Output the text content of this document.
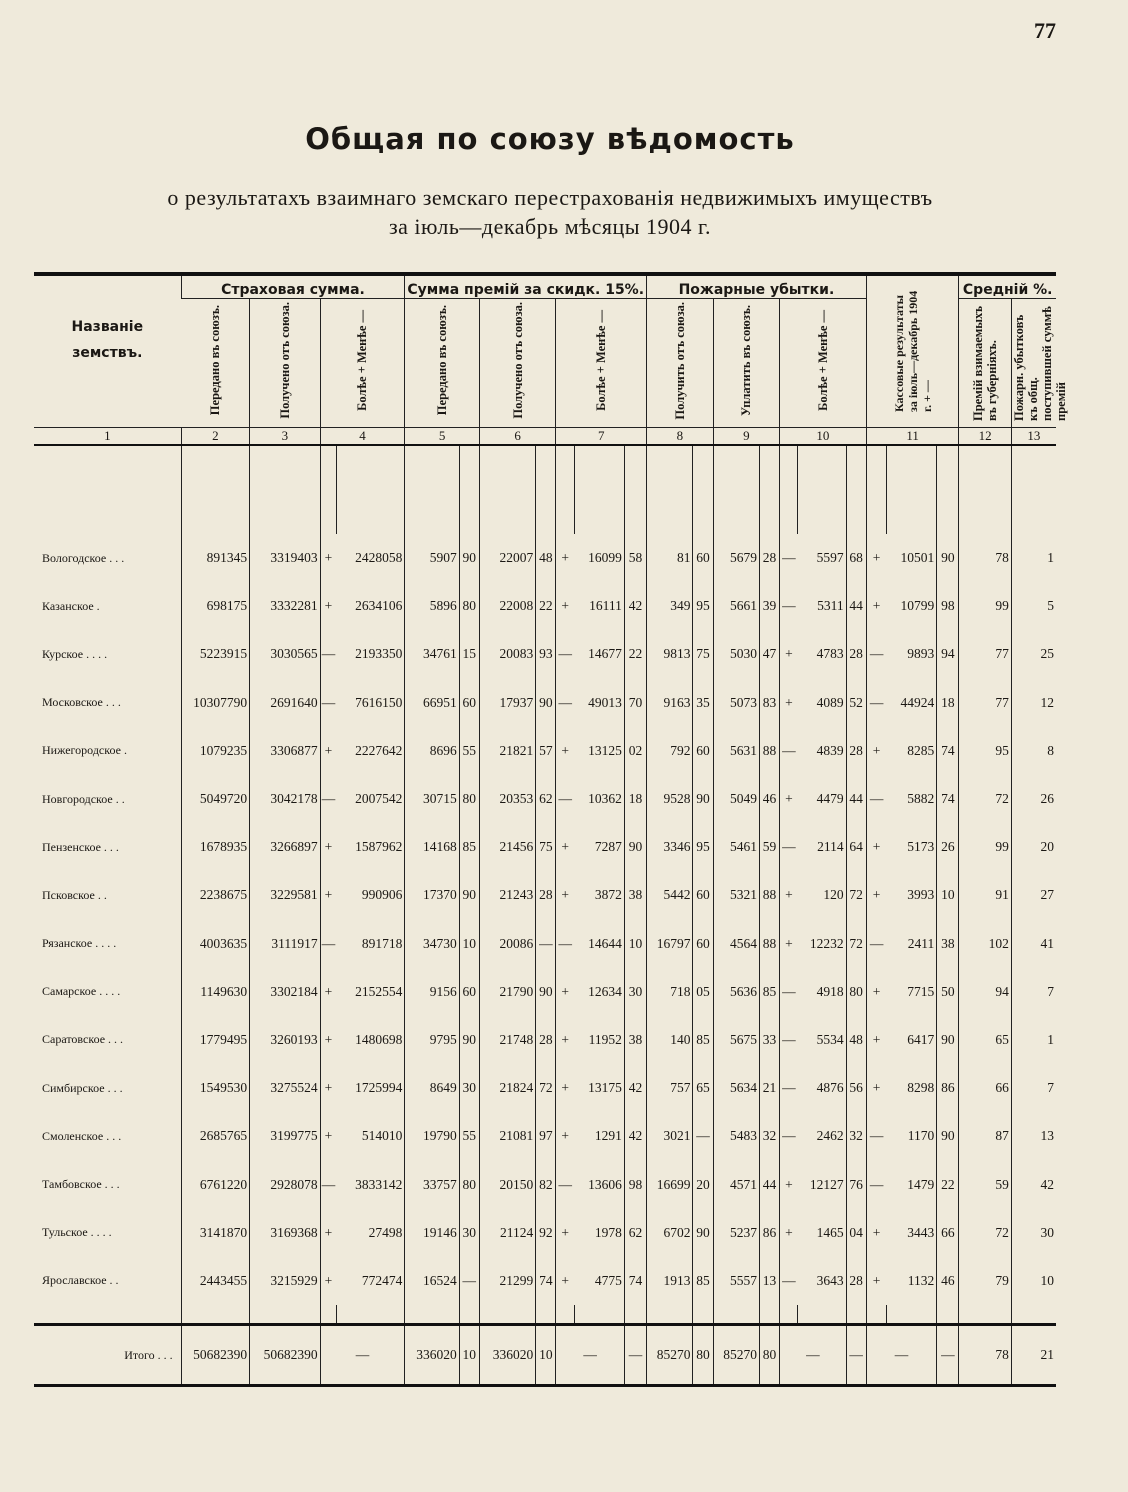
77
Общая по союзу вѣдомость
о результатахъ взаимнаго земскаго перестрахованія недвижимыхъ имуществъ
за іюль—декабрь мѣсяцы 1904 г.
Названіе земствъ.	Страховая сумма.				Сумма премій за скидк. 15%.							Пожарные убытки.							Кассовые результаты за іюль—декабрь 1904 г. + —			Средній %.	
	Передано въ союзъ.	Получено отъ союза.	Болѣе + Менѣе —		Передано въ союзъ.		Получено отъ союза.		Болѣе + Менѣе —			Получить отъ союза.		Уплатить въ союзъ.		Болѣе + Менѣе —						Премій взимаемыхъ въ губерніяхъ.	Пожарн. убытковъ къ общ. поступившей суммѣ премій
1	2	3	4		5		6		7			8		9		10			11			12	13

Вологодское . . .	891345	3319403	+	2428058	5907	90	22007	48	+	16099	58	81	60	5679	28	—	5597	68	+	10501	90	78	1
Казанское .	698175	3332281	+	2634106	5896	80	22008	22	+	16111	42	349	95	5661	39	—	5311	44	+	10799	98	99	5
Курское . . . .	5223915	3030565	—	2193350	34761	15	20083	93	—	14677	22	9813	75	5030	47	+	4783	28	—	9893	94	77	25
Московское . . .	10307790	2691640	—	7616150	66951	60	17937	90	—	49013	70	9163	35	5073	83	+	4089	52	—	44924	18	77	12
Нижегородское .	1079235	3306877	+	2227642	8696	55	21821	57	+	13125	02	792	60	5631	88	—	4839	28	+	8285	74	95	8
Новгородское . .	5049720	3042178	—	2007542	30715	80	20353	62	—	10362	18	9528	90	5049	46	+	4479	44	—	5882	74	72	26
Пензенское . . .	1678935	3266897	+	1587962	14168	85	21456	75	+	7287	90	3346	95	5461	59	—	2114	64	+	5173	26	99	20
Псковское . .	2238675	3229581	+	990906	17370	90	21243	28	+	3872	38	5442	60	5321	88	+	120	72	+	3993	10	91	27
Рязанское . . . .	4003635	3111917	—	891718	34730	10	20086	—	—	14644	10	16797	60	4564	88	+	12232	72	—	2411	38	102	41
Самарское . . . .	1149630	3302184	+	2152554	9156	60	21790	90	+	12634	30	718	05	5636	85	—	4918	80	+	7715	50	94	7
Саратовское . . .	1779495	3260193	+	1480698	9795	90	21748	28	+	11952	38	140	85	5675	33	—	5534	48	+	6417	90	65	1
Симбирское . . .	1549530	3275524	+	1725994	8649	30	21824	72	+	13175	42	757	65	5634	21	—	4876	56	+	8298	86	66	7
Смоленское . . .	2685765	3199775	+	514010	19790	55	21081	97	+	1291	42	3021	—	5483	32	—	2462	32	—	1170	90	87	13
Тамбовское . . .	6761220	2928078	—	3833142	33757	80	20150	82	—	13606	98	16699	20	4571	44	+	12127	76	—	1479	22	59	42
Тульское . . . .	3141870	3169368	+	27498	19146	30	21124	92	+	1978	62	6702	90	5237	86	+	1465	04	+	3443	66	72	30
Ярославское . .	2443455	3215929	+	772474	16524	—	21299	74	+	4775	74	1913	85	5557	13	—	3643	28	+	1132	46	79	10

Итого . . .	50682390	50682390	—		336020	10	336020	10	—		—	85270	80	85270	80	—		—	—		—	78	21
